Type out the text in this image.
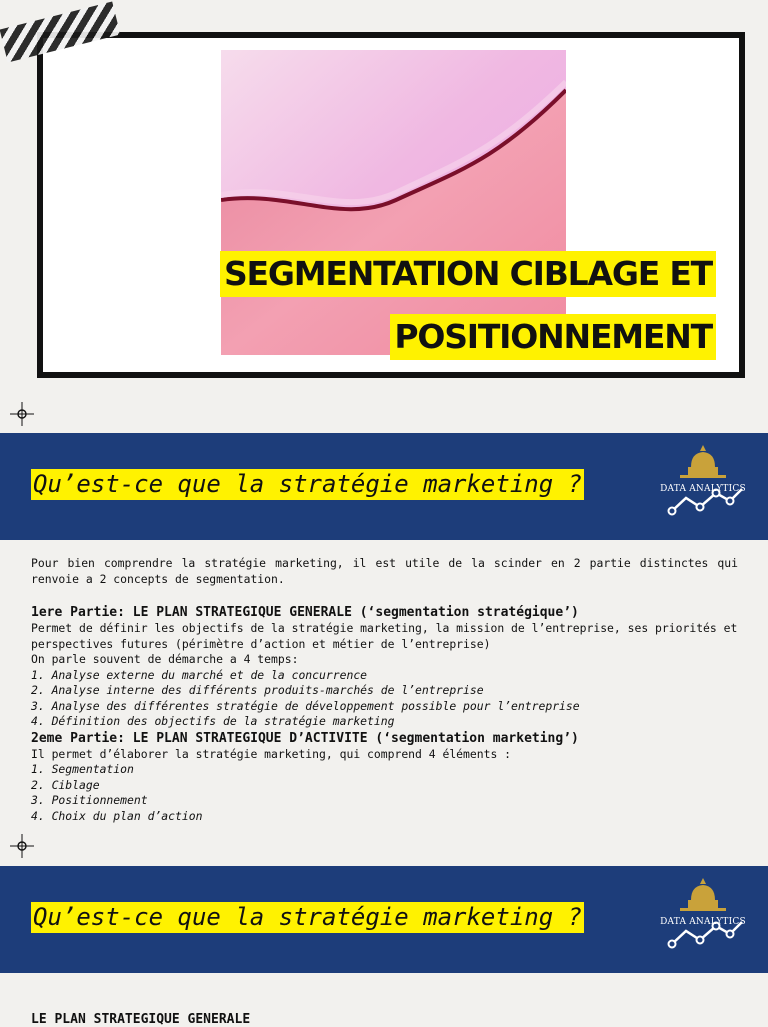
SEGMENTATION CIBLAGE ET
POSITIONNEMENT
Qu’est-ce que la stratégie marketing ?	DATA ANALYTICS

Pour bien comprendre la stratégie marketing, il est utile de la scinder en 2 partie distinctes qui renvoie a 2 concepts de segmentation.

1ere Partie: LE PLAN STRATEGIQUE GENERALE (‘segmentation stratégique’)

Permet de définir les objectifs de la stratégie marketing, la mission de l’entreprise, ses priorités et perspectives futures (périmètre d’action et métier de l’entreprise)

On parle souvent de démarche a 4 temps:

1. Analyse externe du marché et de la concurrence
2. Analyse interne des différents produits-marchés de l’entreprise
3. Analyse des différentes stratégie de développement possible pour l’entreprise
4. Définition des objectifs de la stratégie marketing

2eme Partie: LE PLAN STRATEGIQUE D’ACTIVITE (‘segmentation marketing’)

Il permet d’élaborer la stratégie marketing, qui comprend 4 éléments :

1. Segmentation
2. Ciblage
3. Positionnement
4. Choix du plan d’action
Qu’est-ce que la stratégie marketing ?	DATA ANALYTICS
LE PLAN STRATEGIQUE GENERALE
